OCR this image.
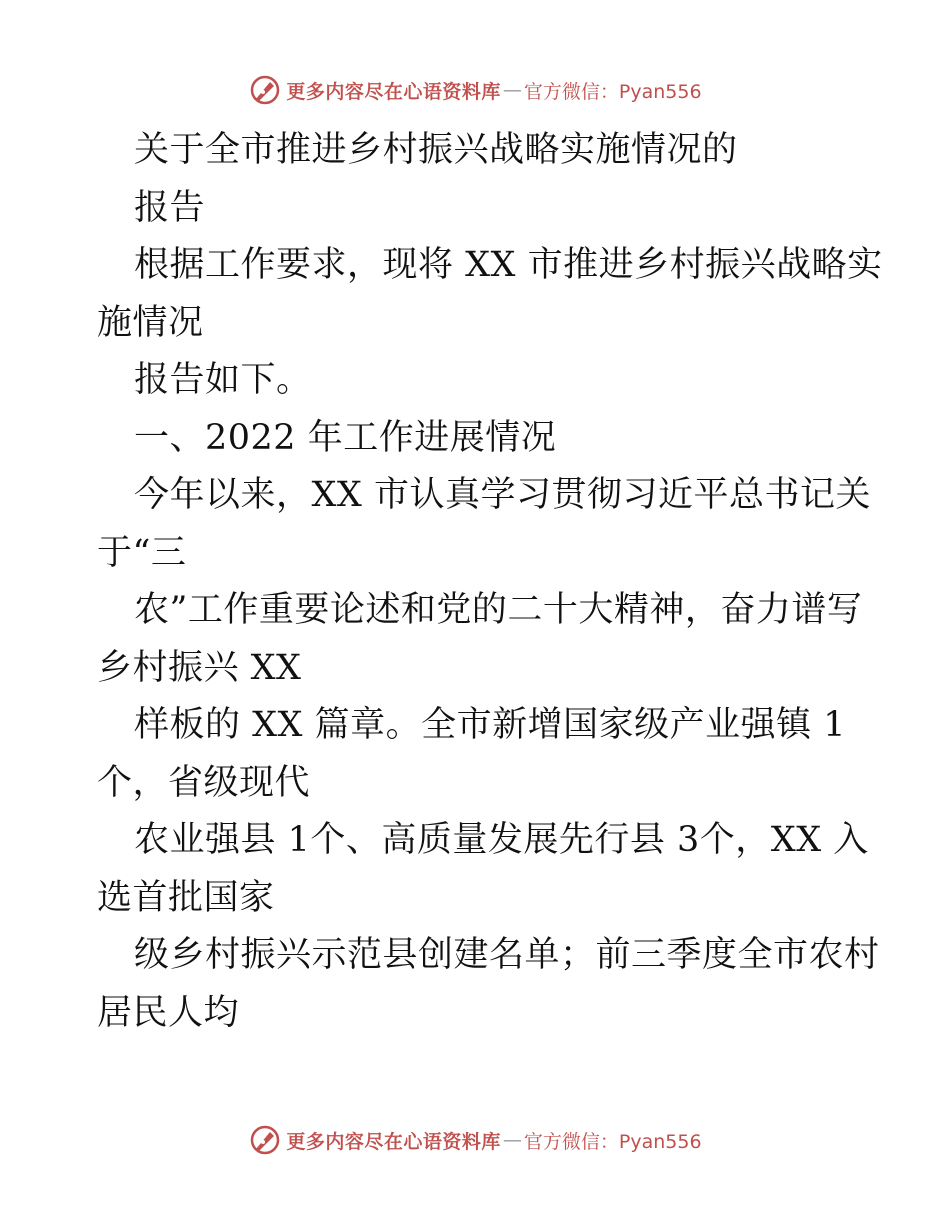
更多内容尽在心语资料库 — 官方微信：Pyan556
关于全市推进乡村振兴战略实施情况的
报告
根据工作要求，现将 XX 市推进乡村振兴战略实
施情况
报告如下。
一、2022 年工作进展情况
今年以来，XX 市认真学习贯彻习近平总书记关
于“三
农”工作重要论述和党的二十大精神，奋力谱写
乡村振兴 XX
样板的 XX 篇章。全市新增国家级产业强镇 1
个，省级现代
农业强县 1个、高质量发展先行县 3个，XX 入
选首批国家
级乡村振兴示范县创建名单；前三季度全市农村
居民人均
更多内容尽在心语资料库 — 官方微信：Pyan556
